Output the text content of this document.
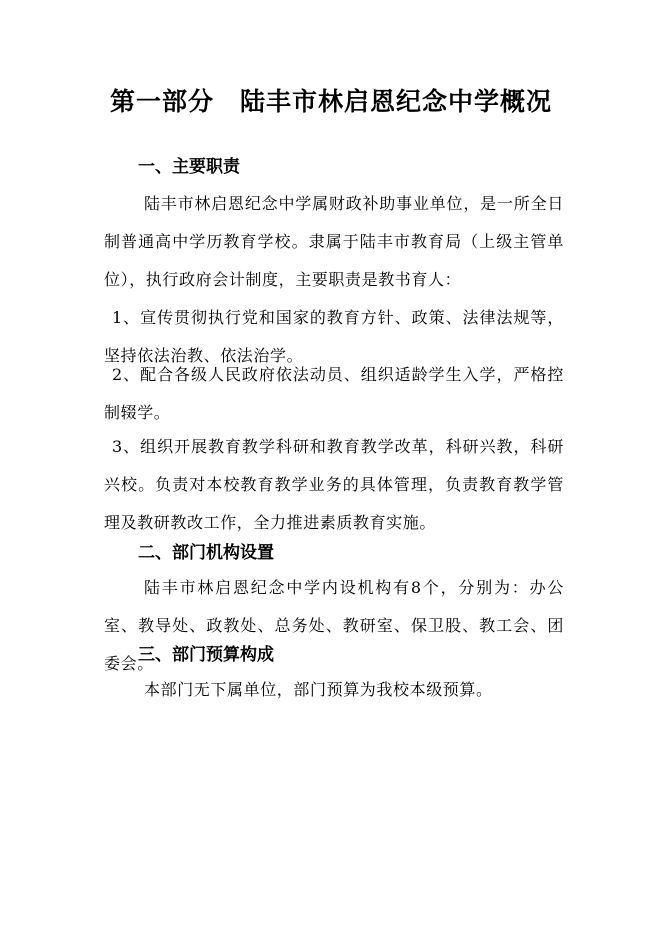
第一部分　陆丰市林启恩纪念中学概况
一、主要职责

陆丰市林启恩纪念中学属财政补助事业单位，是一所全日制普通高中学历教育学校。隶属于陆丰市教育局（上级主管单位），执行政府会计制度，主要职责是教书育人：

1、宣传贯彻执行党和国家的教育方针、政策、法律法规等，坚持依法治教、依法治学。

2、配合各级人民政府依法动员、组织适龄学生入学，严格控制辍学。

3、组织开展教育教学科研和教育教学改革，科研兴教，科研兴校。负责对本校教育教学业务的具体管理，负责教育教学管理及教研教改工作，全力推进素质教育实施。

二、部门机构设置

陆丰市林启恩纪念中学内设机构有8个，分别为：办公室、教导处、政教处、总务处、教研室、保卫股、教工会、团委会。

三、部门预算构成

本部门无下属单位，部门预算为我校本级预算。
